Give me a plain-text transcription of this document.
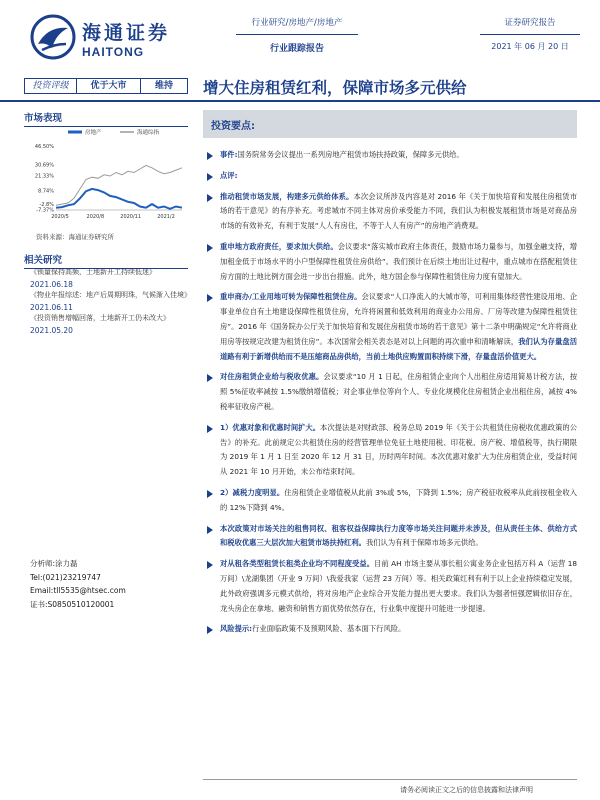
海通证券
HAITONG
行业研究/房地产/房地产
行业跟踪报告
证券研究报告
2021 年 06 月 20 日
投资评级	优于大市	维持	增大住房租赁红利，保障市场多元供给
市场表现
房地产	海通综指
46.50%
30.69%
21.33%
8.74%
-2.8%
-7.37%
2020/5	2020/8	2020/11	2021/2
资料来源：海通证券研究所
相关研究
《锁量保持高频，土地新开工持续低迷》
2021.06.18
《物业年报综述：地产后周期明珠，气候渐入佳境》
2021.06.11
《投资销售增幅回落，土地新开工仍未改大》
2021.05.20
分析师:涂力磊
Tel:(021)23219747
Email:tll5535@htsec.com
证书:S0850510120001
投资要点:
事件:国务院常务会议提出一系列房地产租赁市场扶持政策，保障多元供给。
点评:
推动租赁市场发展，构建多元供给体系。本次会议所涉及内容是对 2016 年《关于加快培育和发展住房租赁市场的若干意见》的有序补充。考虑城市不同主体对房价承受能力不同，我们认为积极发展租赁市场是对商品房市场的有效补充，有利于发展“人人有房住，不等于人人有房产”的房地产消费观。
重申地方政府责任，要求加大供给。会议要求“落实城市政府主体责任，鼓励市场力量参与，加强金融支持，增加租金低于市场水平的小户型保障性租赁住房供给”。我们预计在后续土地出让过程中，重点城市在搭配租赁住房方面的土地比例方面会进一步出台措施。此外，地方国企参与保障性租赁住房力度有望加大。
重申商办/工业用地可转为保障性租赁住房。会议要求“人口净流入的大城市等，可利用集体经营性建设用地、企事业单位自有土地建设保障性租赁住房，允许将闲置和低效利用的商业办公用房、厂房等改建为保障性租赁住房”。2016 年《国务院办公厅关于加快培育和发展住房租赁市场的若干意见》第十二条中明确规定“允许将商业用房等按规定改建为租赁住房”。本次国常会相关表态是对以上问题的再次重申和清晰解读，我们认为存量盘活道路有利于新增供给而不是压缩商品房供给，当前土地供应购置面积持续下滑，存量盘活价值更大。
对住房租赁企业给与税收优惠。会议要求“10 月 1 日起，住房租赁企业向个人出租住房适用简易计税方法，按照 5%征收率减按 1.5%缴纳增值税；对企事业单位等向个人、专业化规模化住房租赁企业出租住房，减按 4%税率征收房产税。
1）优惠对象和优惠时间扩大。本次提法是对财政部、税务总局 2019 年《关于公共租赁住房税收优惠政策的公告》的补充。此前规定公共租赁住房的经营管理单位免征土地使用税、印花税、房产税、增值税等，执行期限为 2019 年 1 月 1 日至 2020 年 12 月 31 日，历时两年时间。本次优惠对象扩大为住房租赁企业，受益时间从 2021 年 10 月开始，未公布结束时间。
2）减税力度明显。住房租赁企业增值税从此前 3%或 5%，下降到 1.5%；房产税征收税率从此前按租金收入的 12%下降到 4%。
本次政策对市场关注的租售同权、租客权益保障执行力度等市场关注问题并未涉及，但从责任主体、供给方式和税收优惠三大层次加大租赁市场扶持红利。我们认为有利于保障市场多元供给。
对从租各类型租赁长租类企业均不同程度受益。目前 AH 市场主要从事长租公寓业务企业包括万科 A（运营 18 万间）\龙湖集团（开业 9 万间）\我爱我家（运营 23 万间）等。相关政策红利有利于以上企业持续稳定发展，此外政府强调多元模式供给，将对房地产企业综合开发能力提出更大要求。我们认为强者恒强逻辑依旧存在，龙头房企在拿地、融资和销售方面优势依然存在，行业集中度提升可能进一步提速。
风险提示:行业面临政策不及预期风险、基本面下行风险。
请务必阅读正文之后的信息披露和法律声明
